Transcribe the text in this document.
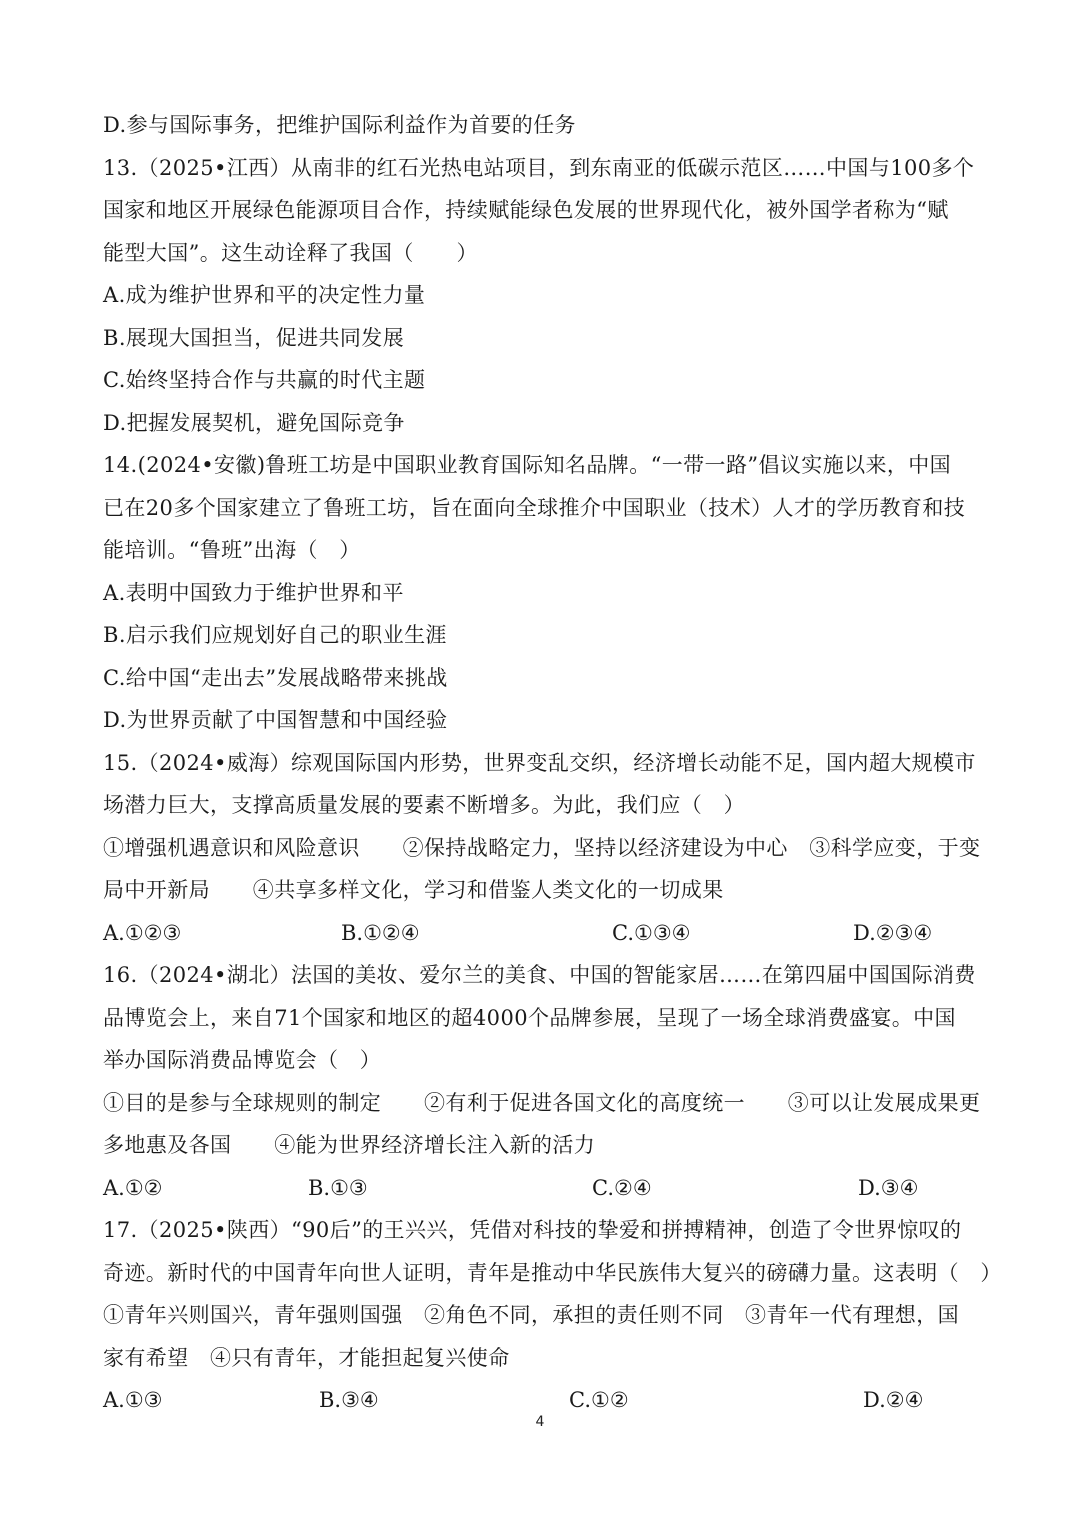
D.参与国际事务，把维护国际利益作为首要的任务
13.（2025•江西）从南非的红石光热电站项目，到东南亚的低碳示范区……中国与100多个
国家和地区开展绿色能源项目合作，持续赋能绿色发展的世界现代化，被外国学者称为“赋
能型大国”。这生动诠释了我国（　　）
A.成为维护世界和平的决定性力量
B.展现大国担当，促进共同发展
C.始终坚持合作与共赢的时代主题
D.把握发展契机，避免国际竞争
14.(2024•安徽)鲁班工坊是中国职业教育国际知名品牌。“一带一路”倡议实施以来，中国
已在20多个国家建立了鲁班工坊，旨在面向全球推介中国职业（技术）人才的学历教育和技
能培训。“鲁班”出海（　）
A.表明中国致力于维护世界和平
B.启示我们应规划好自己的职业生涯
C.给中国“走出去”发展战略带来挑战
D.为世界贡献了中国智慧和中国经验
15.（2024•威海）综观国际国内形势，世界变乱交织，经济增长动能不足，国内超大规模市
场潜力巨大，支撑高质量发展的要素不断增多。为此，我们应（　）
①增强机遇意识和风险意识　　②保持战略定力，坚持以经济建设为中心　③科学应变，于变
局中开新局　　④共享多样文化，学习和借鉴人类文化的一切成果
A.①②③	B.①②④	C.①③④	D.②③④
16.（2024•湖北）法国的美妆、爱尔兰的美食、中国的智能家居……在第四届中国国际消费
品博览会上，来自71个国家和地区的超4000个品牌参展，呈现了一场全球消费盛宴。中国
举办国际消费品博览会（　）
①目的是参与全球规则的制定　　②有利于促进各国文化的高度统一　　③可以让发展成果更
多地惠及各国　　④能为世界经济增长注入新的活力
A.①②	B.①③	C.②④	D.③④
17.（2025•陕西）“90后”的王兴兴，凭借对科技的挚爱和拼搏精神，创造了令世界惊叹的
奇迹。新时代的中国青年向世人证明，青年是推动中华民族伟大复兴的磅礴力量。这表明（　）
①青年兴则国兴，青年强则国强　②角色不同，承担的责任则不同　③青年一代有理想，国
家有希望　④只有青年，才能担起复兴使命
A.①③	B.③④	C.①②	D.②④
4
